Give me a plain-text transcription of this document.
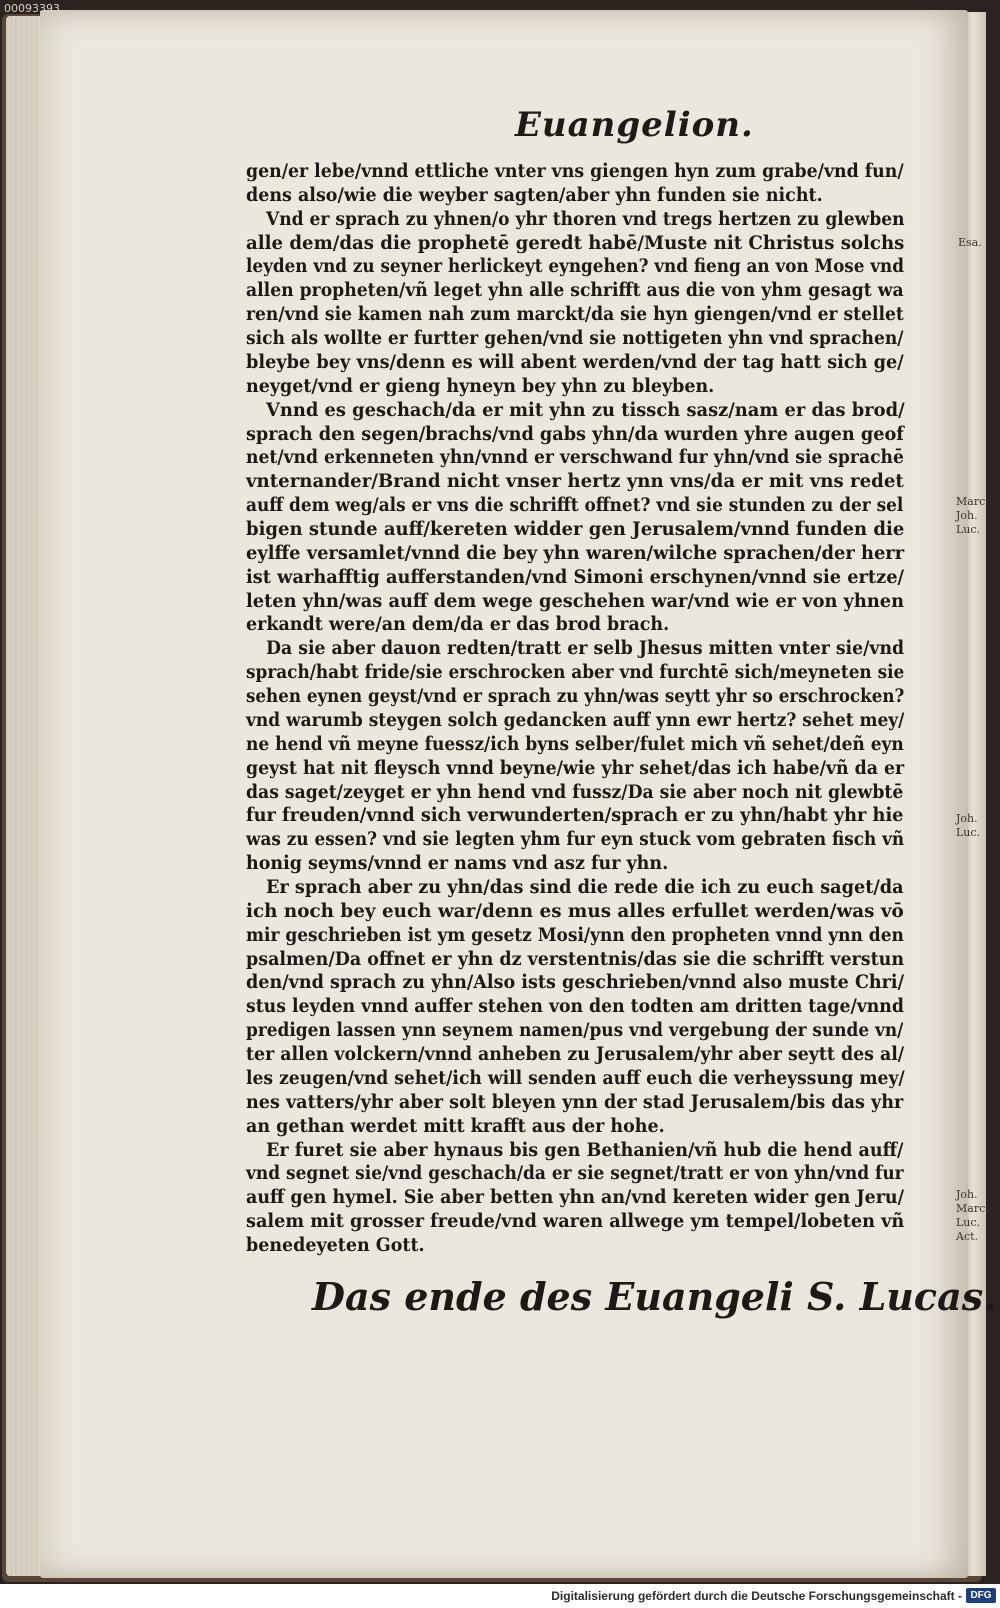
00093393
Euangelion.
gen/er lebe/vnnd ettliche vnter vns giengen hyn zum grabe/vnd fun/
dens also/wie die weyber sagten/aber yhn funden sie nicht.
Vnd er sprach zu yhnen/o yhr thoren vnd tregs hertzen zu glewben
alle dem/das die prophetē geredt habē/Muste nit Christus solchs
leyden vnd zu seyner herlickeyt eyngehen? vnd fieng an von Mose vnd
allen propheten/vñ leget yhn alle schrifft aus die von yhm gesagt wa
ren/vnd sie kamen nah zum marckt/da sie hyn giengen/vnd er stellet
sich als wollte er furtter gehen/vnd sie nottigeten yhn vnd sprachen/
bleybe bey vns/denn es will abent werden/vnd der tag hatt sich ge/
neyget/vnd er gieng hyneyn bey yhn zu bleyben.
Vnnd es geschach/da er mit yhn zu tissch sasz/nam er das brod/
sprach den segen/brachs/vnd gabs yhn/da wurden yhre augen geof
net/vnd erkenneten yhn/vnnd er verschwand fur yhn/vnd sie sprachē
vnternander/Brand nicht vnser hertz ynn vns/da er mit vns redet
auff dem weg/als er vns die schrifft offnet? vnd sie stunden zu der sel
bigen stunde auff/kereten widder gen Jerusalem/vnnd funden die
eylffe versamlet/vnnd die bey yhn waren/wilche sprachen/der herr
ist warhafftig aufferstanden/vnd Simoni erschynen/vnnd sie ertze/
leten yhn/was auff dem wege geschehen war/vnd wie er von yhnen
erkandt were/an dem/da er das brod brach.
Da sie aber dauon redten/tratt er selb Jhesus mitten vnter sie/vnd
sprach/habt fride/sie erschrocken aber vnd furchtē sich/meyneten sie
sehen eynen geyst/vnd er sprach zu yhn/was seytt yhr so erschrocken?
vnd warumb steygen solch gedancken auff ynn ewr hertz? sehet mey/
ne hend vñ meyne fuessz/ich byns selber/fulet mich vñ sehet/deñ eyn
geyst hat nit fleysch vnnd beyne/wie yhr sehet/das ich habe/vñ da er
das saget/zeyget er yhn hend vnd fussz/Da sie aber noch nit glewbtē
fur freuden/vnnd sich verwunderten/sprach er zu yhn/habt yhr hie
was zu essen? vnd sie legten yhm fur eyn stuck vom gebraten fisch vñ
honig seyms/vnnd er nams vnd asz fur yhn.
Er sprach aber zu yhn/das sind die rede die ich zu euch saget/da
ich noch bey euch war/denn es mus alles erfullet werden/was vō
mir geschrieben ist ym gesetz Mosi/ynn den propheten vnnd ynn den
psalmen/Da offnet er yhn dz verstentnis/das sie die schrifft verstun
den/vnd sprach zu yhn/Also ists geschrieben/vnnd also muste Chri/
stus leyden vnnd auffer stehen von den todten am dritten tage/vnnd
predigen lassen ynn seynem namen/pus vnd vergebung der sunde vn/
ter allen volckern/vnnd anheben zu Jerusalem/yhr aber seytt des al/
les zeugen/vnd sehet/ich will senden auff euch die verheyssung mey/
nes vatters/yhr aber solt bleyen ynn der stad Jerusalem/bis das yhr
an gethan werdet mitt krafft aus der hohe.
Er furet sie aber hynaus bis gen Bethanien/vñ hub die hend auff/
vnd segnet sie/vnd geschach/da er sie segnet/tratt er von yhn/vnd fur
auff gen hymel. Sie aber betten yhn an/vnd kereten wider gen Jeru/
salem mit grosser freude/vnd waren allwege ym tempel/lobeten vñ
benedeyeten Gott.
Das ende des Euangeli S. Lucas.
Esa.
Marc.
Joh.
Luc.
Joh.
Luc.
Joh.
Marc.
Luc.
Act.
Digitalisierung gefördert durch die Deutsche Forschungsgemeinschaft - DFG
